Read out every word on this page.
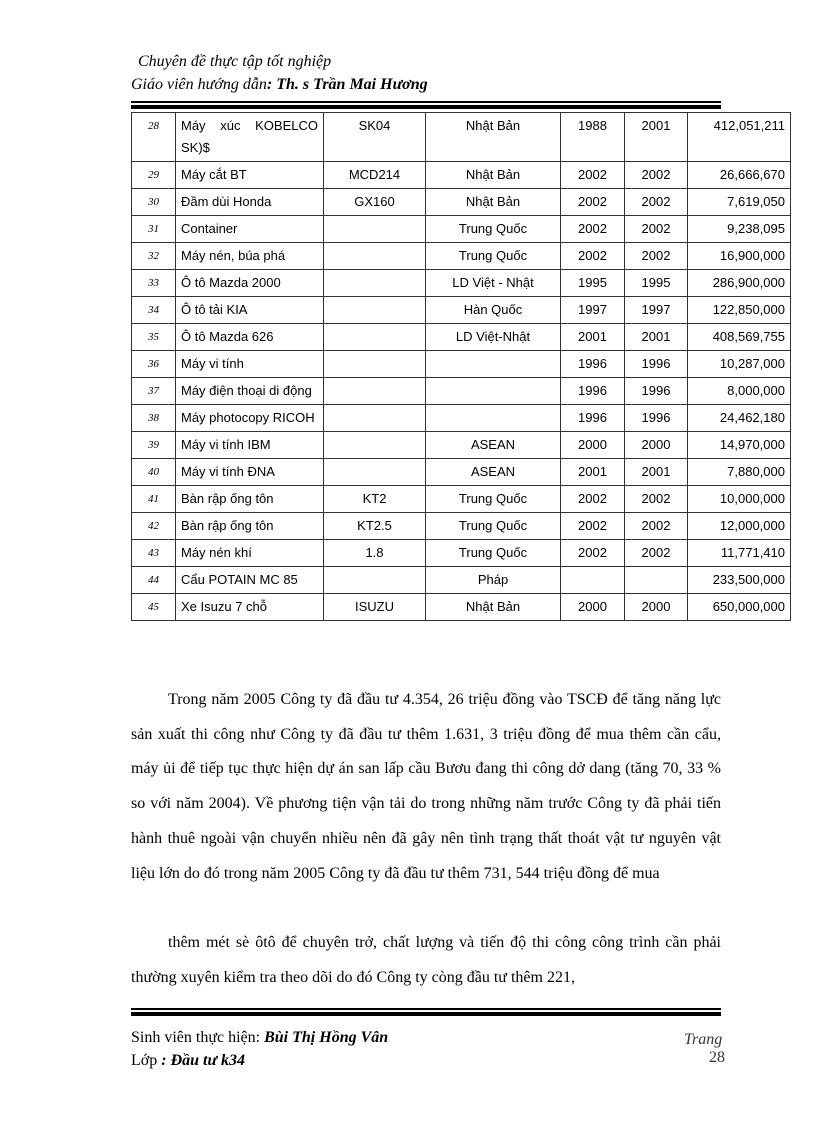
Chuyên đề thực tập tốt nghiệp
Giáo viên hướng dẫn: Th. s Trần Mai Hương
28	Máy xúc KOBELCO SK)$	SK04	Nhật Bản	1988	2001	412,051,211
29	Máy cắt BT	MCD214	Nhật Bản	2002	2002	26,666,670
30	Đầm dùi Honda	GX160	Nhật Bản	2002	2002	7,619,050
31	Container		Trung Quốc	2002	2002	9,238,095
32	Máy nén, búa phá		Trung Quốc	2002	2002	16,900,000
33	Ô tô Mazda 2000		LD Việt - Nhật	1995	1995	286,900,000
34	Ô tô tải KIA		Hàn Quốc	1997	1997	122,850,000
35	Ô tô Mazda 626		LD Việt-Nhật	2001	2001	408,569,755
36	Máy vi tính			1996	1996	10,287,000
37	Máy điện thoại di động			1996	1996	8,000,000
38	Máy photocopy RICOH			1996	1996	24,462,180
39	Máy vi tính IBM		ASEAN	2000	2000	14,970,000
40	Máy vi tính ĐNA		ASEAN	2001	2001	7,880,000
41	Bàn rập ống tôn	KT2	Trung Quốc	2002	2002	10,000,000
42	Bàn rập ống tôn	KT2.5	Trung Quốc	2002	2002	12,000,000
43	Máy nén khí	1.8	Trung Quốc	2002	2002	11,771,410
44	Cẩu POTAIN MC 85		Pháp			233,500,000
45	Xe Isuzu 7 chỗ	ISUZU	Nhật Bản	2000	2000	650,000,000
Trong năm 2005 Công ty đã đầu tư 4.354, 26 triệu đồng vào TSCĐ để tăng năng lực sản xuất thi công như Công ty đã đầu tư thêm 1.631, 3 triệu đồng để mua thêm cần cẩu, máy ủi để tiếp tục thực hiện dự án san lấp cầu Bươu đang thi công dở dang (tăng 70, 33 % so với năm 2004). Về phương tiện vận tải do trong những năm trước Công ty đã phải tiến hành thuê ngoài vận chuyển nhiều nên đã gây nên tình trạng thất thoát vật tư nguyên vật liệu lớn do đó trong năm 2005 Công ty đã đầu tư thêm 731, 544 triệu đồng để mua
thêm mét sè ôtô để chuyên trở, chất lượng và tiến độ thi công công trình cần phải thường xuyên kiểm tra theo dõi do đó Công ty còng đầu tư thêm 221,
Sinh viên thực hiện: Bùi Thị Hồng Vân
Lớp : Đầu tư k34
Trang
28
